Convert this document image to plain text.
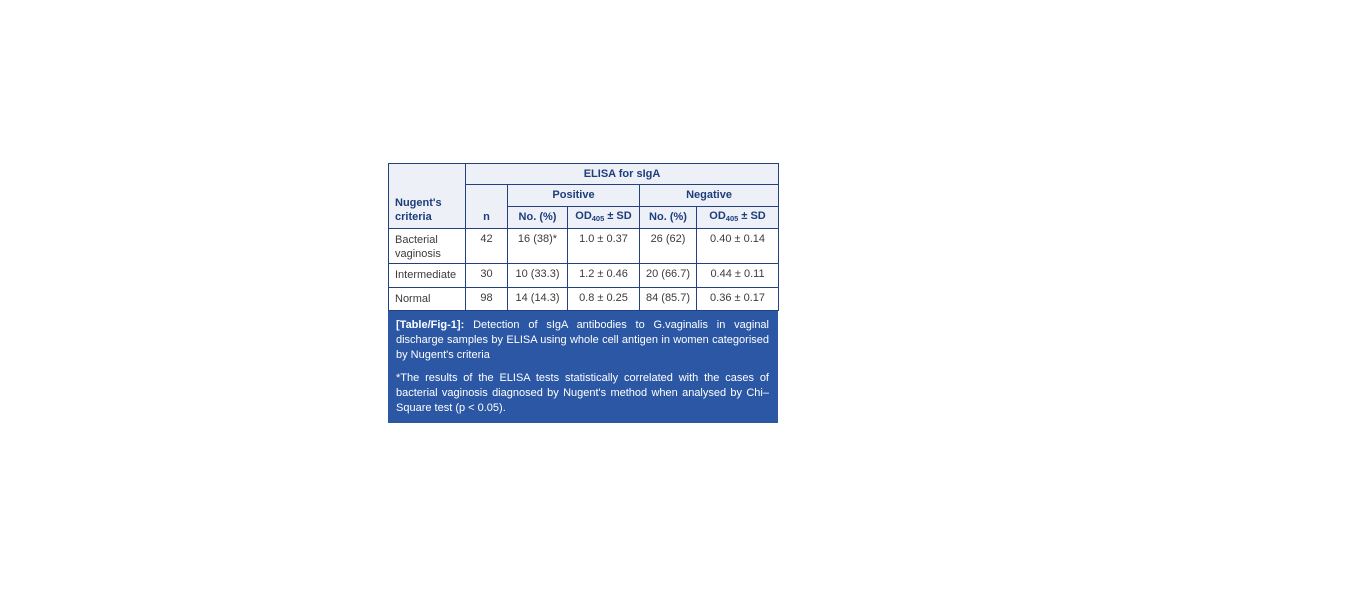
Nugent's criteria	ELISA for sIgA				
	n	Positive		Negative	
		No. (%)	$OD_{405}$ ± SD	No. (%)	$OD_{405}$ ± SD
Bacterial vaginosis	42	16 (38)*	1.0 ± 0.37	26 (62)	0.40 ± 0.14
Intermediate	30	10 (33.3)	1.2 ± 0.46	20 (66.7)	0.44 ± 0.11
Normal	98	14 (14.3)	0.8 ± 0.25	84 (85.7)	0.36 ± 0.17

[Table/Fig-1]: Detection of sIgA antibodies to G.vaginalis in vaginal discharge samples by ELISA using whole cell antigen in women categorised by Nugent's criteria

*The results of the ELISA tests statistically correlated with the cases of bacterial vaginosis diagnosed by Nugent's method when analysed by Chi–Square test (p < 0.05).
